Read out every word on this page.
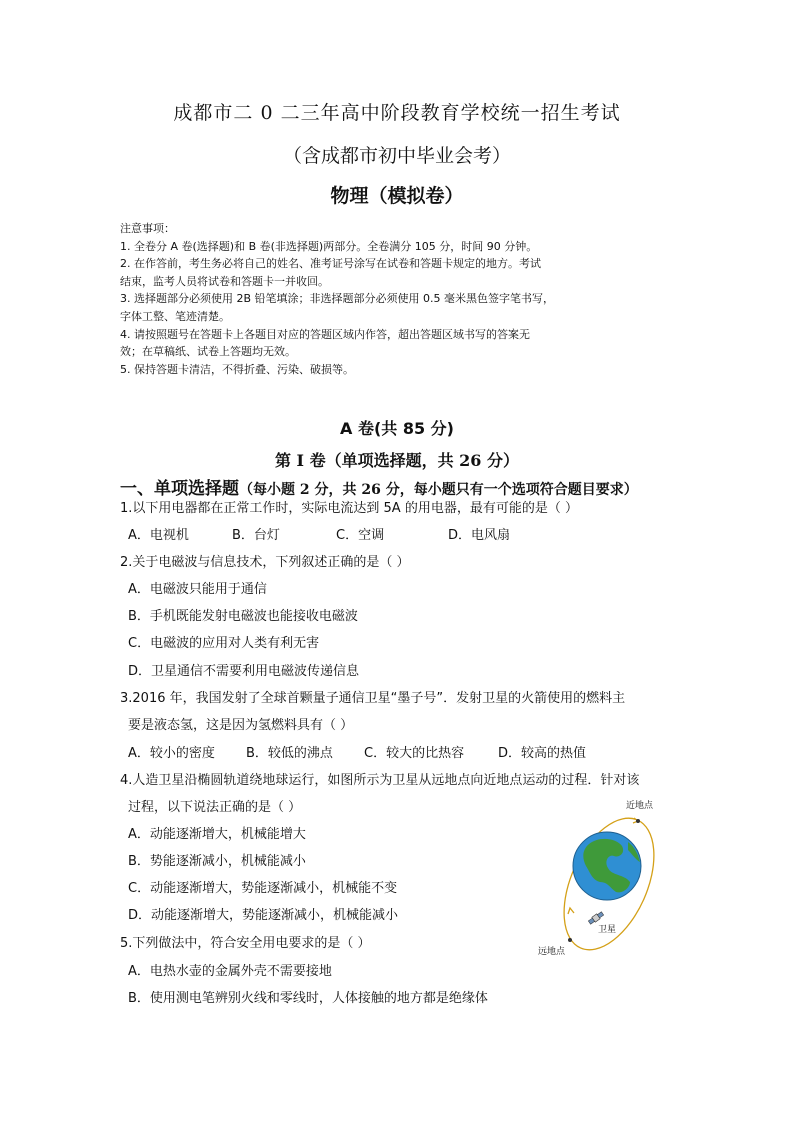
成都市二 0 二三年高中阶段教育学校统一招生考试
（含成都市初中毕业会考）
物理（模拟卷）
注意事项：
1. 全卷分 A 卷(选择题)和 B 卷(非选择题)两部分。全卷满分 105 分，时间 90 分钟。
2. 在作答前，考生务必将自己的姓名、准考证号涂写在试卷和答题卡规定的地方。考试
结束，监考人员将试卷和答题卡一并收回。
3. 选择题部分必须使用 2B 铅笔填涂；非选择题部分必须使用 0.5 毫米黑色签字笔书写，
字体工整、笔迹清楚。
4. 请按照题号在答题卡上各题目对应的答题区域内作答，超出答题区域书写的答案无
效；在草稿纸、试卷上答题均无效。
5. 保持答题卡清洁，不得折叠、污染、破损等。
A 卷(共 85 分)
第 I 卷（单项选择题，共 26 分）
一、单项选择题（每小题 2 分，共 26 分，每小题只有一个选项符合题目要求）
1.以下用电器都在正常工作时，实际电流达到 5A 的用电器，最有可能的是（ ）
A．电视机	B．台灯	C．空调	D．电风扇
2.关于电磁波与信息技术，下列叙述正确的是（ ）
A．电磁波只能用于通信
B．手机既能发射电磁波也能接收电磁波
C．电磁波的应用对人类有利无害
D．卫星通信不需要利用电磁波传递信息
3.2016 年，我国发射了全球首颗量子通信卫星“墨子号”．发射卫星的火箭使用的燃料主
要是液态氢，这是因为氢燃料具有（ ）
A．较小的密度 B．较低的沸点 C．较大的比热容	D．较高的热值
4.人造卫星沿椭圆轨道绕地球运行，如图所示为卫星从远地点向近地点运动的过程．针对该
过程，以下说法正确的是（ ）
A．动能逐渐增大，机械能增大
B．势能逐渐减小，机械能减小
C．动能逐渐增大，势能逐渐减小，机械能不变
D．动能逐渐增大，势能逐渐减小，机械能减小
近地点
远地点
卫星
5.下列做法中，符合安全用电要求的是（ ）
A．电热水壶的金属外壳不需要接地
B．使用测电笔辨别火线和零线时，人体接触的地方都是绝缘体
